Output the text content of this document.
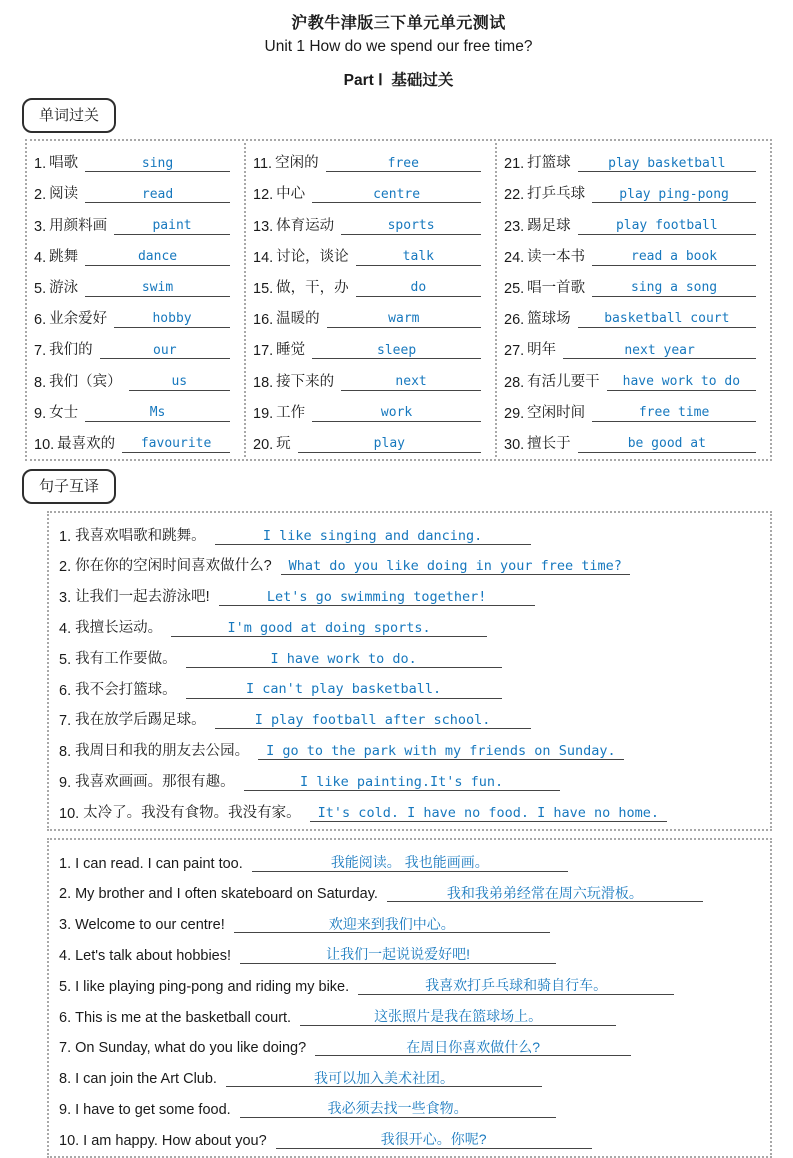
沪教牛津版三下单元单元测试
Unit 1 How do we spend our free time?
Part Ⅰ  基础过关
单词过关
1. 唱歌	sing
2. 阅读	read
3. 用颜料画	paint
4. 跳舞	dance
5. 游泳	swim
6. 业余爱好	hobby
7. 我们的	our
8. 我们（宾）	us
9. 女士	Ms
10. 最喜欢的 favourite
11. 空闲的	free
12. 中心	centre
13. 体育运动	sports
14. 讨论，谈论	talk
15. 做，干，办	do
16. 温暖的	warm
17. 睡觉	sleep
18. 接下来的	next
19. 工作	work
20. 玩	play
21. 打篮球	play basketball
22. 打乒乓球	play ping-pong
23. 踢足球	play football
24. 读一本书	read a book
25. 唱一首歌	sing a song
26. 篮球场	basketball court
27. 明年	next year
28. 有活儿要干 have work to do
29. 空闲时间	free time
30. 擅长于	be good at
句子互译
1. 我喜欢唱歌和跳舞。	I like singing and dancing.
2. 你在你的空闲时间喜欢做什么? What do you like doing in your free time?
3. 让我们一起去游泳吧!	Let's go swimming together!
4. 我擅长运动。	I'm good at doing sports.
5. 我有工作要做。	I have work to do.
6. 我不会打篮球。	I can't play basketball.
7. 我在放学后踢足球。	I play football after school.
8. 我周日和我的朋友去公园。 I go to the park with my friends on Sunday.
9. 我喜欢画画。那很有趣。	I like painting.It's fun.
10. 太冷了。我没有食物。我没有家。 It's cold. I have no food. I have no home.
1. I can read. I can paint too.	我能阅读。 我也能画画。
2. My brother and I often skateboard on Saturday.	我和我弟弟经常在周六玩滑板。
3. Welcome to our centre!	欢迎来到我们中心。
4. Let's talk about hobbies!	让我们一起说说爱好吧!
5. I like playing ping-pong and riding my bike.	我喜欢打乒乓球和骑自行车。
6. This is me at the basketball court.	这张照片是我在篮球场上。
7. On Sunday, what do you like doing?	在周日你喜欢做什么?
8. I can join the Art Club.	我可以加入美术社团。
9. I have to get some food.	我必须去找一些食物。
10. I am happy. How about you?	我很开心。你呢?
